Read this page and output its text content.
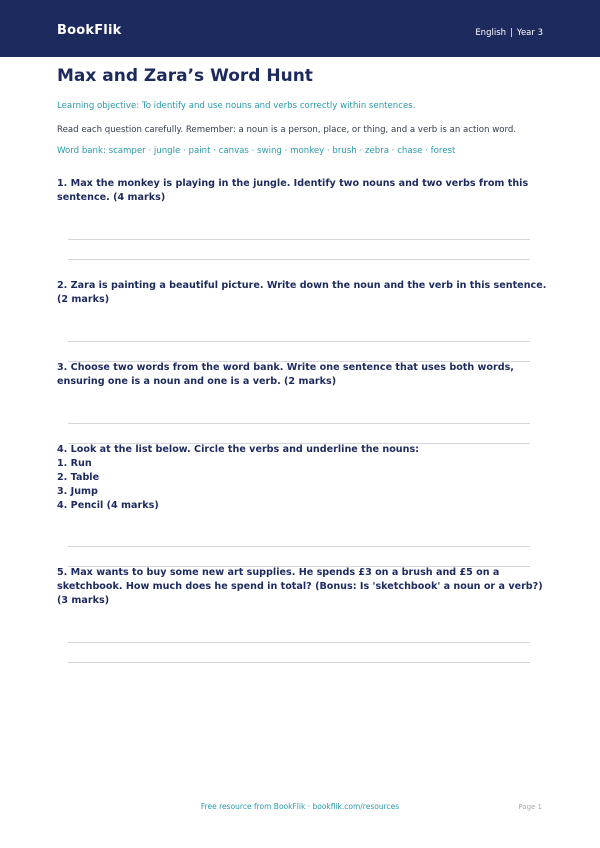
BookFlik	English | Year 3
Max and Zara’s Word Hunt
Learning objective: To identify and use nouns and verbs correctly within sentences.
Read each question carefully. Remember: a noun is a person, place, or thing, and a verb is an action word.
Word bank: scamper · jungle · paint · canvas · swing · monkey · brush · zebra · chase · forest
1. Max the monkey is playing in the jungle. Identify two nouns and two verbs from this sentence. (4 marks)
2. Zara is painting a beautiful picture. Write down the noun and the verb in this sentence. (2 marks)
3. Choose two words from the word bank. Write one sentence that uses both words, ensuring one is a noun and one is a verb. (2 marks)
4. Look at the list below. Circle the verbs and underline the nouns:
1. Run
2. Table
3. Jump
4. Pencil (4 marks)
5. Max wants to buy some new art supplies. He spends £3 on a brush and £5 on a sketchbook. How much does he spend in total? (Bonus: Is 'sketchbook' a noun or a verb?) (3 marks)
Free resource from BookFlik · bookflik.com/resources	Page 1
